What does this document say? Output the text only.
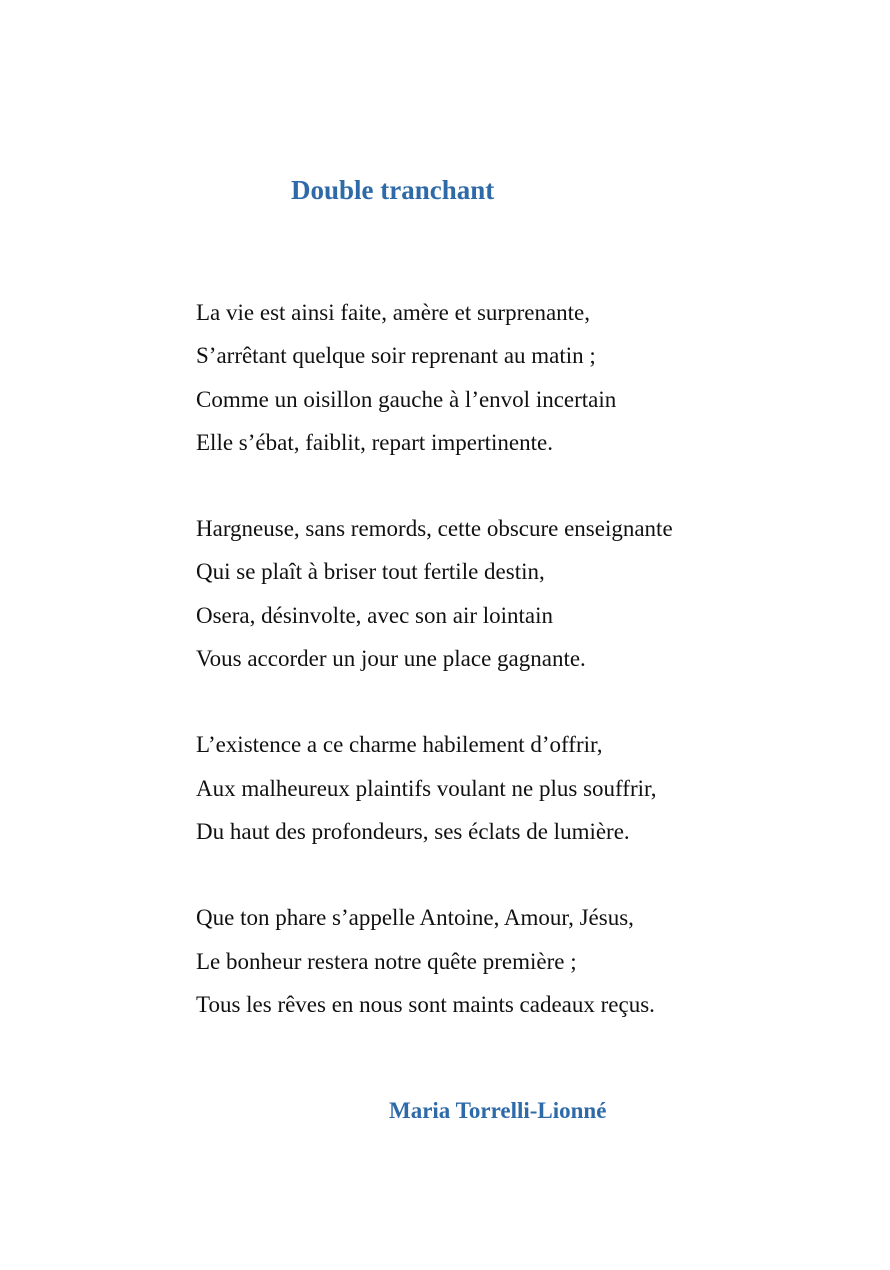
Double tranchant

La vie est ainsi faite, amère et surprenante,
S’arrêtant quelque soir reprenant au matin ;
Comme un oisillon gauche à l’envol incertain
Elle s’ébat, faiblit, repart impertinente.

Hargneuse, sans remords, cette obscure enseignante
Qui se plaît à briser tout fertile destin,
Osera, désinvolte, avec son air lointain
Vous accorder un jour une place gagnante.

L’existence a ce charme habilement d’offrir,
Aux malheureux plaintifs voulant ne plus souffrir,
Du haut des profondeurs, ses éclats de lumière.

Que ton phare s’appelle Antoine, Amour, Jésus,
Le bonheur restera notre quête première ;
Tous les rêves en nous sont maints cadeaux reçus.

Maria Torrelli-Lionné
